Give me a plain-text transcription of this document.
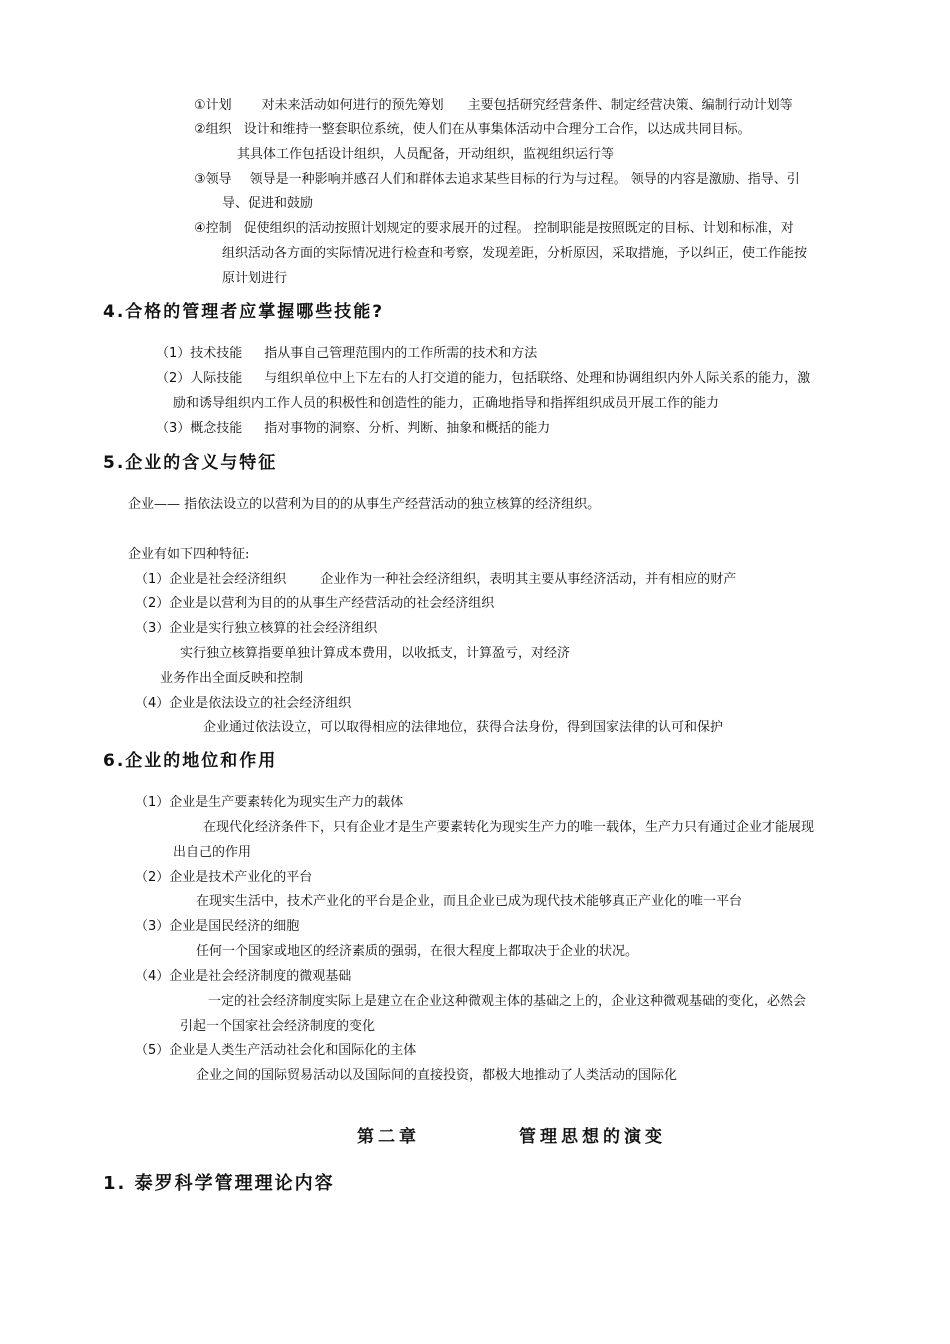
①计划 对未来活动如何进行的预先筹划 主要包括研究经营条件、制定经营决策、编制行动计划等
②组织 设计和维持一整套职位系统，使人们在从事集体活动中合理分工合作，以达成共同目标。
其具体工作包括设计组织，人员配备，开动组织，监视组织运行等
③领导 领导是一种影响并感召人们和群体去追求某些目标的行为与过程。 领导的内容是激励、指导、引
导、促进和鼓励
④控制 促使组织的活动按照计划规定的要求展开的过程。 控制职能是按照既定的目标、计划和标准，对
组织活动各方面的实际情况进行检查和考察，发现差距，分析原因，采取措施，予以纠正，使工作能按
原计划进行
4.合格的管理者应掌握哪些技能?
（1）技术技能 指从事自己管理范围内的工作所需的技术和方法
（2）人际技能 与组织单位中上下左右的人打交道的能力，包括联络、处理和协调组织内外人际关系的能力，激
励和诱导组织内工作人员的积极性和创造性的能力，正确地指导和指挥组织成员开展工作的能力
（3）概念技能 指对事物的洞察、分析、判断、抽象和概括的能力
5.企业的含义与特征
企业—— 指依法设立的以营利为目的的从事生产经营活动的独立核算的经济组织。
企业有如下四种特征:
（1）企业是社会经济组织	企业作为一种社会经济组织，表明其主要从事经济活动，并有相应的财产
（2）企业是以营利为目的的从事生产经营活动的社会经济组织
（3）企业是实行独立核算的社会经济组织
实行独立核算指要单独计算成本费用，以收抵支，计算盈亏，对经济
业务作出全面反映和控制
（4）企业是依法设立的社会经济组织
企业通过依法设立，可以取得相应的法律地位，获得合法身份，得到国家法律的认可和保护
6.企业的地位和作用
（1）企业是生产要素转化为现实生产力的载体
在现代化经济条件下，只有企业才是生产要素转化为现实生产力的唯一载体，生产力只有通过企业才能展现
出自己的作用
（2）企业是技术产业化的平台
在现实生活中，技术产业化的平台是企业，而且企业已成为现代技术能够真正产业化的唯一平台
（3）企业是国民经济的细胞
任何一个国家或地区的经济素质的强弱，在很大程度上都取决于企业的状况。
（4）企业是社会经济制度的微观基础
一定的社会经济制度实际上是建立在企业这种微观主体的基础之上的，企业这种微观基础的变化，必然会
引起一个国家社会经济制度的变化
（5）企业是人类生产活动社会化和国际化的主体
企业之间的国际贸易活动以及国际间的直接投资，都极大地推动了人类活动的国际化
第二章	管理思想的演变
1. 泰罗科学管理理论内容
